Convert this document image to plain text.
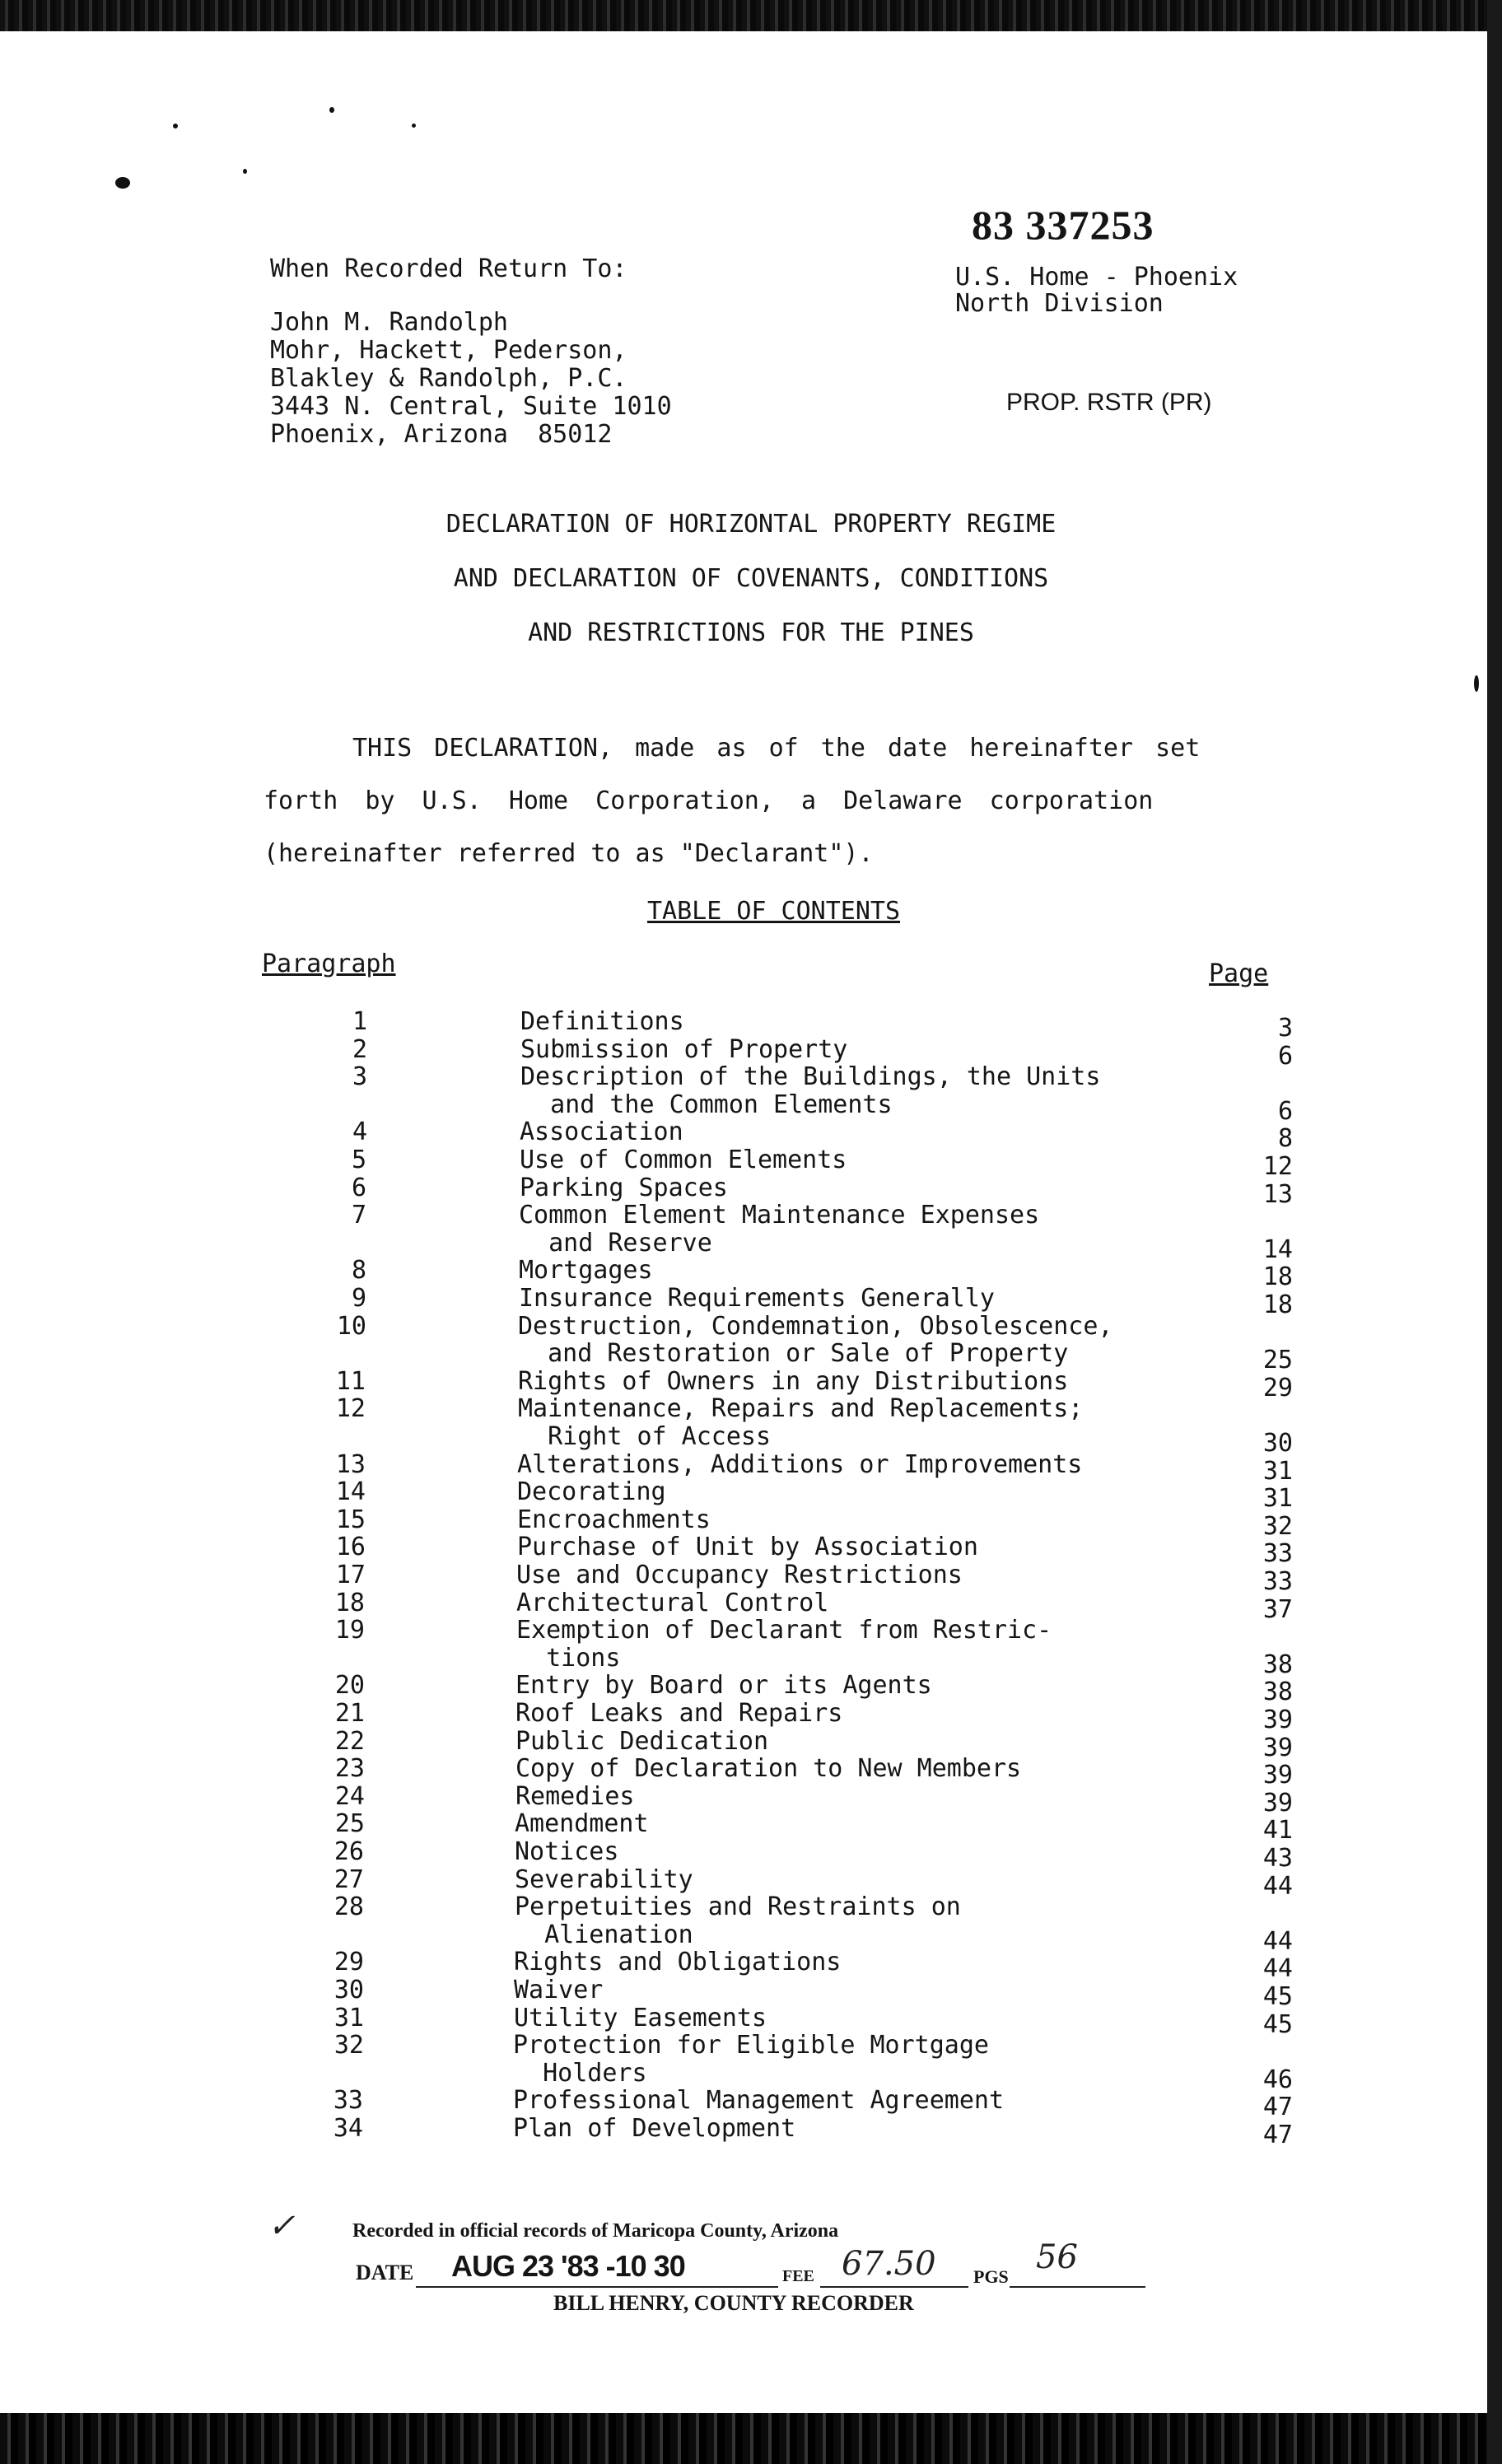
83 337253
When Recorded Return To:
John M. Randolph
Mohr, Hackett, Pederson,
Blakley & Randolph, P.C.
3443 N. Central, Suite 1010
Phoenix, Arizona  85012
U.S. Home - Phoenix
North Division
PROP. RSTR (PR)
DECLARATION OF HORIZONTAL PROPERTY REGIME
AND DECLARATION OF COVENANTS, CONDITIONS
AND RESTRICTIONS FOR THE PINES
THIS DECLARATION, made as of the date hereinafter set
forth by U.S. Home Corporation, a Delaware corporation
(hereinafter referred to as "Declarant").
TABLE OF CONTENTS
Paragraph	Page
1	Definitions	3
2	Submission of Property	6
3	Description of the Buildings, the Units
and the Common Elements	6
4	Association	8
5	Use of Common Elements	12
6	Parking Spaces	13
7	Common Element Maintenance Expenses
and Reserve	14
8	Mortgages	18
9	Insurance Requirements Generally	18
10	Destruction, Condemnation, Obsolescence,
and Restoration or Sale of Property	25
11	Rights of Owners in any Distributions	29
12	Maintenance, Repairs and Replacements;
Right of Access	30
13	Alterations, Additions or Improvements	31
14	Decorating	31
15	Encroachments	32
16	Purchase of Unit by Association	33
17	Use and Occupancy Restrictions	33
18	Architectural Control	37
19	Exemption of Declarant from Restric-
tions	38
20	Entry by Board or its Agents	38
21	Roof Leaks and Repairs	39
22	Public Dedication	39
23	Copy of Declaration to New Members	39
24	Remedies	39
25	Amendment	41
26	Notices	43
27	Severability	44
28	Perpetuities and Restraints on
Alienation	44
29	Rights and Obligations	44
30	Waiver	45
31	Utility Easements	45
32	Protection for Eligible Mortgage
Holders	46
33	Professional Management Agreement	47
34	Plan of Development	47
✓	Recorded in official records of Maricopa County, Arizona
DATE AUG 23 '83 -10 30	FEE 67.50 PGS
56
BILL HENRY, COUNTY RECORDER
